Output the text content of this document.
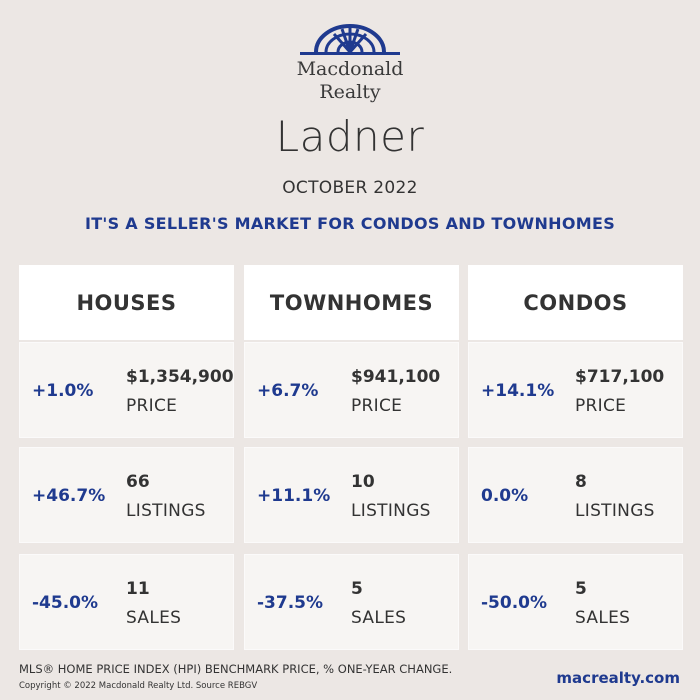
Macdonald
Realty
Ladner
OCTOBER 2022
IT'S A SELLER'S MARKET FOR CONDOS AND TOWNHOMES
HOUSES
+1.0%
$1,354,900
PRICE
+46.7%
66
LISTINGS
-45.0%
11
SALES
TOWNHOMES
+6.7%
$941,100
PRICE
+11.1%
10
LISTINGS
-37.5%
5
SALES
CONDOS
+14.1%
$717,100
PRICE
0.0%
8
LISTINGS
-50.0%
5
SALES
MLS® HOME PRICE INDEX (HPI) BENCHMARK PRICE, % ONE-YEAR CHANGE.
Copyright © 2022 Macdonald Realty Ltd. Source REBGV	macrealty.com
